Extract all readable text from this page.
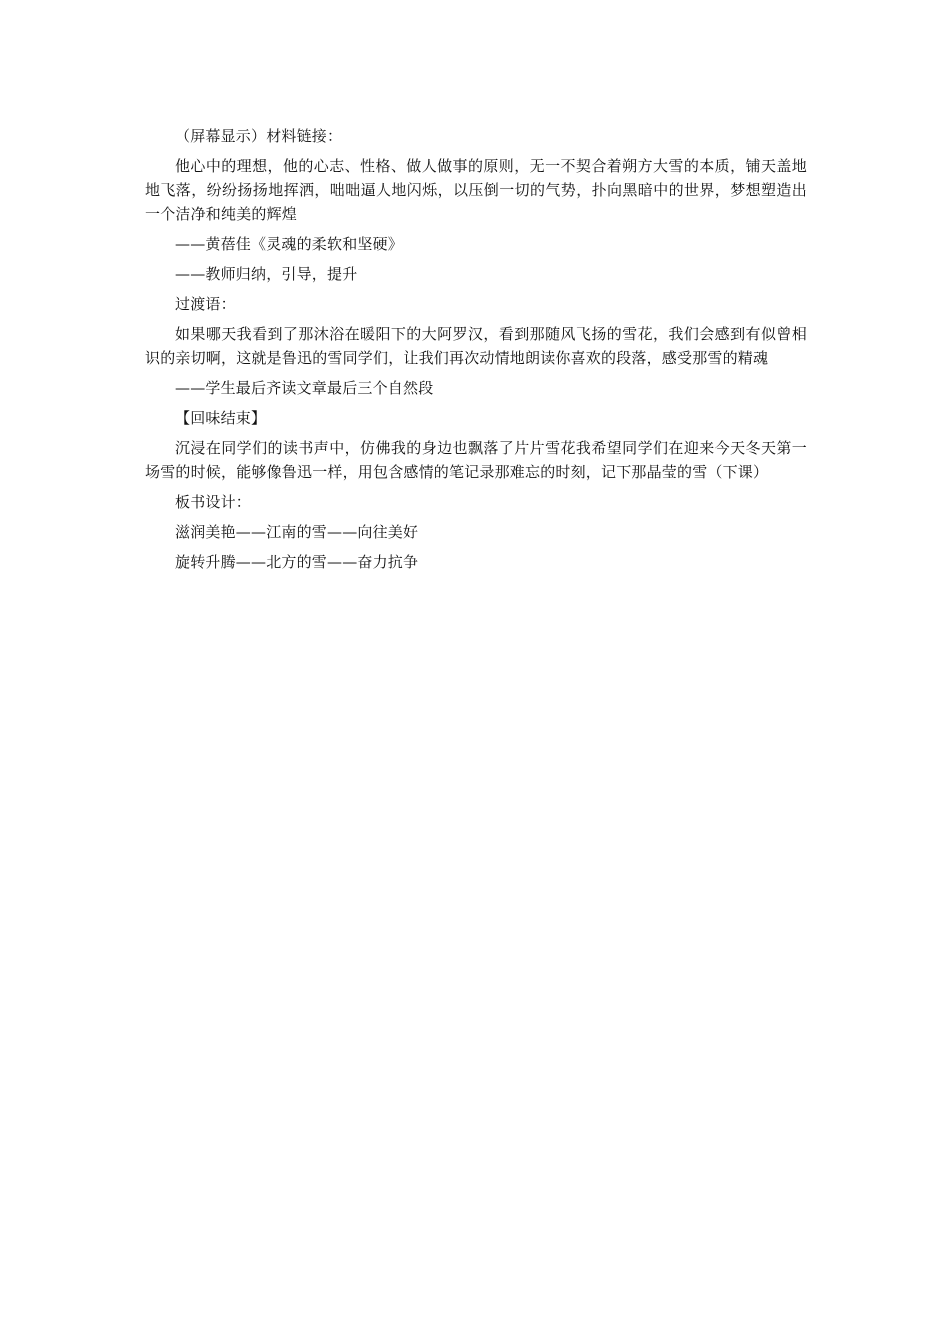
（屏幕显示）材料链接：

他心中的理想，他的心志、性格、做人做事的原则，无一不契合着朔方大雪的本质，铺天盖地地飞落，纷纷扬扬地挥洒，咄咄逼人地闪烁，以压倒一切的气势，扑向黑暗中的世界，梦想塑造出一个洁净和纯美的辉煌

——黄蓓佳《灵魂的柔软和坚硬》

——教师归纳，引导，提升

过渡语：

如果哪天我看到了那沐浴在暖阳下的大阿罗汉，看到那随风飞扬的雪花，我们会感到有似曾相识的亲切啊，这就是鲁迅的雪同学们，让我们再次动情地朗读你喜欢的段落，感受那雪的精魂

——学生最后齐读文章最后三个自然段

【回味结束】

沉浸在同学们的读书声中，仿佛我的身边也飘落了片片雪花我希望同学们在迎来今天冬天第一场雪的时候，能够像鲁迅一样，用包含感情的笔记录那难忘的时刻，记下那晶莹的雪（下课）

板书设计：

滋润美艳——江南的雪——向往美好

旋转升腾——北方的雪——奋力抗争
